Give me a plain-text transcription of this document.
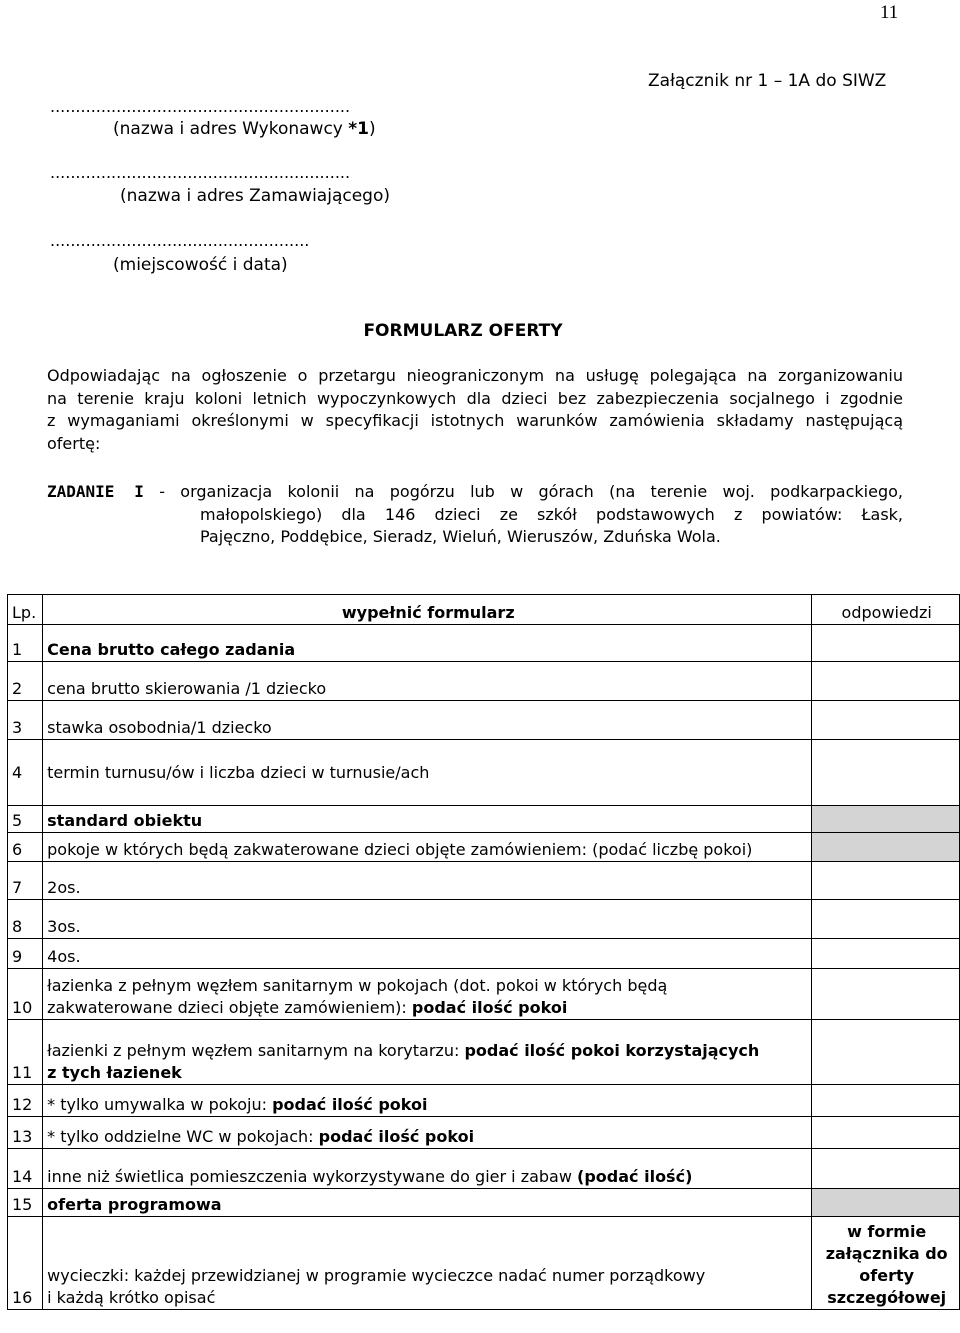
11
Załącznik nr 1 – 1A do SIWZ
...........................................................
(nazwa i adres Wykonawcy *1)
...........................................................
(nazwa i adres Zamawiającego)
...................................................
(miejscowość i data)
FORMULARZ OFERTY
Odpowiadając na ogłoszenie o przetargu nieograniczonym na usługę polegająca na zorganizowaniu
na terenie kraju koloni letnich wypoczynkowych dla dzieci bez zabezpieczenia socjalnego i zgodnie
z wymaganiami określonymi w specyfikacji istotnych warunków zamówienia składamy następującą
ofertę:
ZADANIE I - organizacja kolonii na pogórzu lub w górach (na terenie woj. podkarpackiego,
małopolskiego) dla 146 dzieci ze szkół podstawowych z powiatów: Łask,
Pajęczno, Poddębice, Sieradz, Wieluń, Wieruszów, Zduńska Wola.
Lp.	wypełnić formularz	odpowiedzi
1	Cena brutto całego zadania	
2	cena brutto skierowania /1 dziecko	
3	stawka osobodnia/1 dziecko	
4	termin turnusu/ów i liczba dzieci w turnusie/ach	
5	standard obiektu	
6	pokoje w których będą zakwaterowane dzieci objęte zamówieniem: (podać liczbę pokoi)	
7	2os.	
8	3os.	
9	4os.	
10	łazienka z pełnym węzłem sanitarnym w pokojach (dot. pokoi w których będą
zakwaterowane dzieci objęte zamówieniem): podać ilość pokoi	

11	łazienki z pełnym węzłem sanitarnym na korytarzu: podać ilość pokoi korzystających
z tych łazienek	

12	* tylko umywalka w pokoju: podać ilość pokoi	
13	* tylko oddzielne WC w pokojach: podać ilość pokoi	
14	inne niż świetlica pomieszczenia wykorzystywane do gier i zabaw (podać ilość)	
15	oferta programowa	
16	wycieczki: każdej przewidzianej w programie wycieczce nadać numer porządkowy
i każdą krótko opisać	w formie załącznika do oferty szczegółowej
